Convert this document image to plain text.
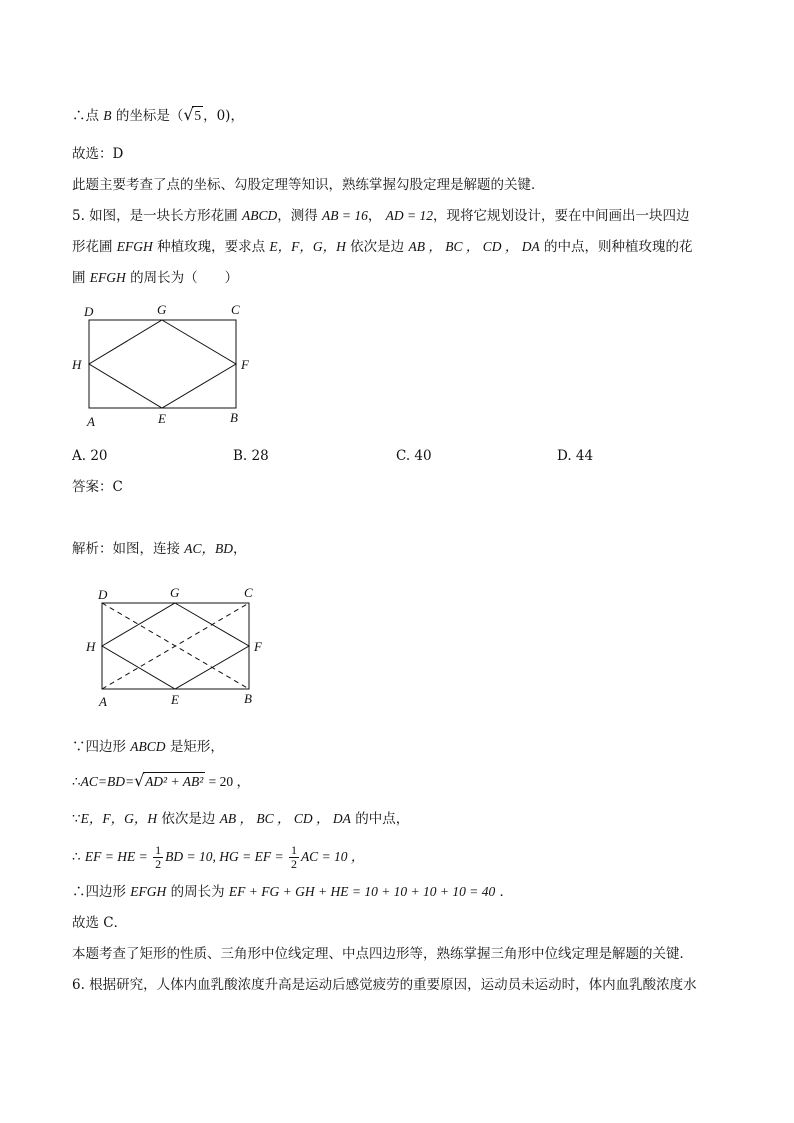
∴点 B 的坐标是（ √ 5 ，0)，
故选：D
此题主要考查了点的坐标、勾股定理等知识，熟练掌握勾股定理是解题的关键．
5. 如图，是一块长方形花圃 ABCD，测得 AB = 16， AD = 12，现将它规划设计，要在中间画出一块四边
形花圃 EFGH 种植玫瑰，要求点 E，F，G，H 依次是边 AB ， BC ， CD ， DA 的中点，则种植玫瑰的花
圃 EFGH 的周长为（　　）
D	G	C
H	F
A	E	B
A. 20	B. 28	C. 40	D. 44
答案：C
解析：如图，连接 AC，BD，
D	G	C
H	F
A	E	B
∵四边形 ABCD 是矩形，
∴AC=BD= √ AD² + AB² = 20 ，
∵E，F，G，H 依次是边 AB ， BC ， CD ， DA 的中点，
∴ EF = HE = $\frac{1}{2}$ BD = 10, HG = EF = $\frac{1}{2}$ AC = 10 ，
∴四边形 EFGH 的周长为 EF + FG + GH + HE = 10 + 10 + 10 + 10 = 40 ．
故选 C．
本题考查了矩形的性质、三角形中位线定理、中点四边形等，熟练掌握三角形中位线定理是解题的关键．
6. 根据研究，人体内血乳酸浓度升高是运动后感觉疲劳的重要原因，运动员未运动时，体内血乳酸浓度水
